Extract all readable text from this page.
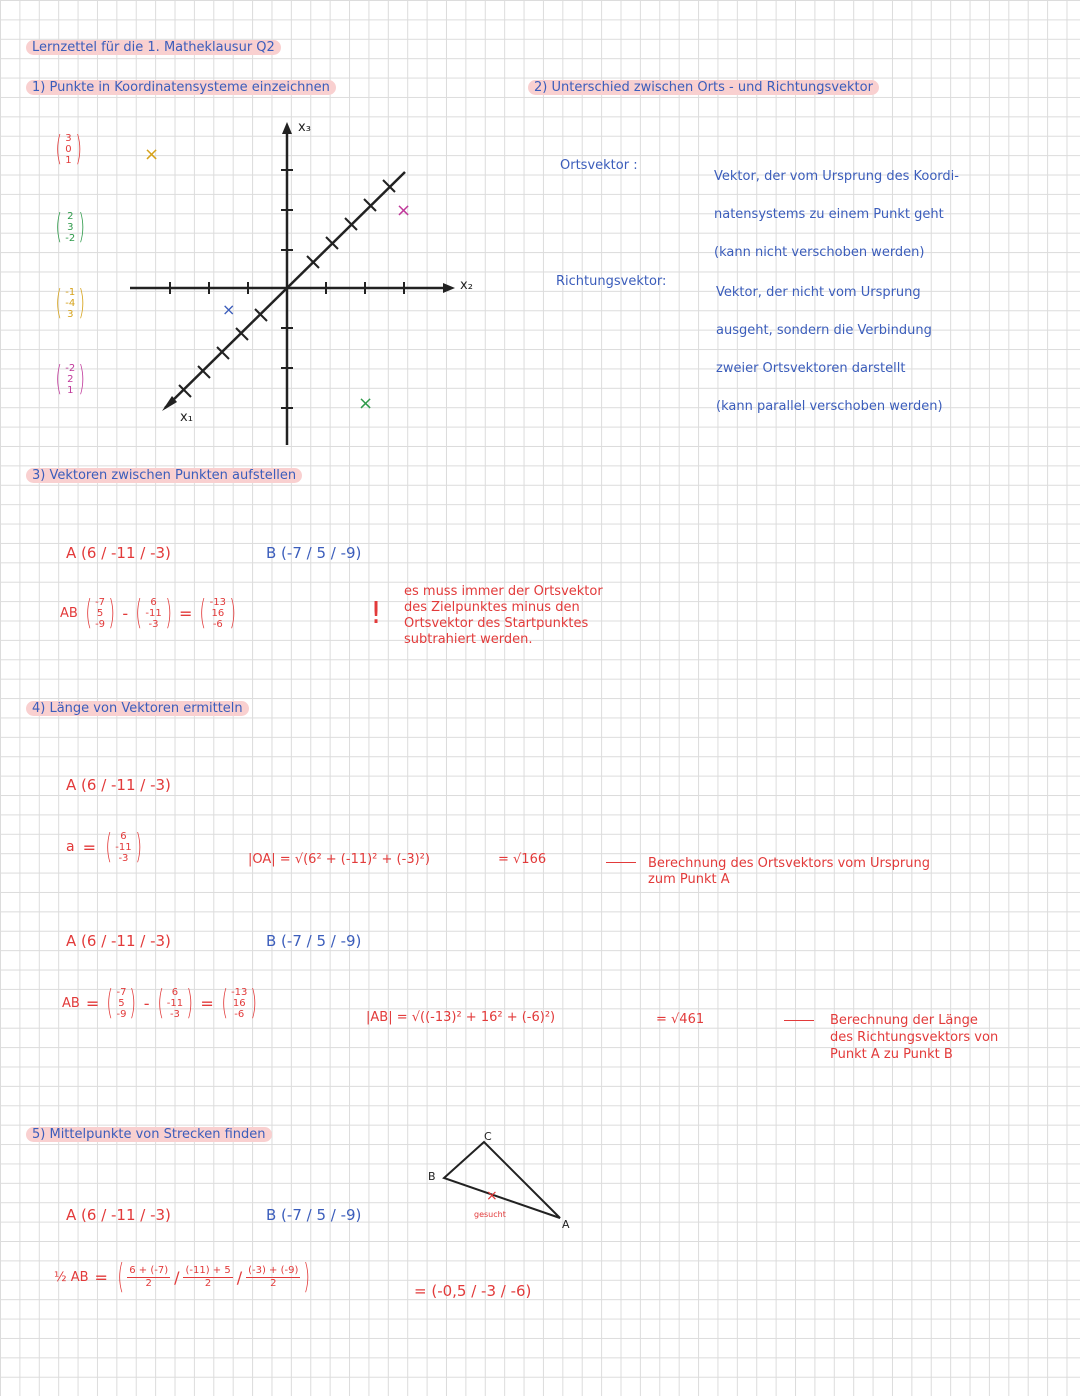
Lernzettel für die 1. Matheklausur Q2
1) Punkte in Koordinatensysteme einzeichnen
( 3
0
1 )
( 2
3
-2 )
( -1
-4
3 )
( -2
2
1 )
x₃
x₂
x₁
×
×
×
×
2) Unterschied zwischen Orts - und Richtungsvektor
Ortsvektor :
Vektor, der vom Ursprung des Koordi-
natensystems zu einem Punkt geht
(kann nicht verschoben werden)
Richtungsvektor:
Vektor, der nicht vom Ursprung
ausgeht, sondern die Verbindung
zweier Ortsvektoren darstellt
(kann parallel verschoben werden)
3) Vektoren zwischen Punkten aufstellen
A (6 / -11 / -3)	B (-7 / 5 / -9)
AB ( -7
5
-9 ) - ( 6
-11
-3 ) = ( -13
16
-6 )	!
es muss immer der Ortsvektor
des Zielpunktes minus den
Ortsvektor des Startpunktes
subtrahiert werden.
4) Länge von Vektoren ermitteln
A (6 / -11 / -3)
a = ( 6
-11
-3 )	|OA| = √(6² + (-11)² + (-3)²)	= √166	Berechnung des Ortsvektors vom Ursprung
zum Punkt A
A (6 / -11 / -3)	B (-7 / 5 / -9)
AB = ( -7
5
-9 ) - ( 6
-11
-3 ) = ( -13
16
-6 )	|AB| = √((-13)² + 16² + (-6)²)	= √461	Berechnung der Länge
des Richtungsvektors von
Punkt A zu Punkt B
5) Mittelpunkte von Strecken finden	C
B
A
×
gesucht
A (6 / -11 / -3)	B (-7 / 5 / -9)
½ AB = ( $\frac{6 + (-7)}{2} / \frac{(-11) + 5}{2} / \frac{(-3) + (-9)}{2}$ )	= (-0,5 / -3 / -6)
